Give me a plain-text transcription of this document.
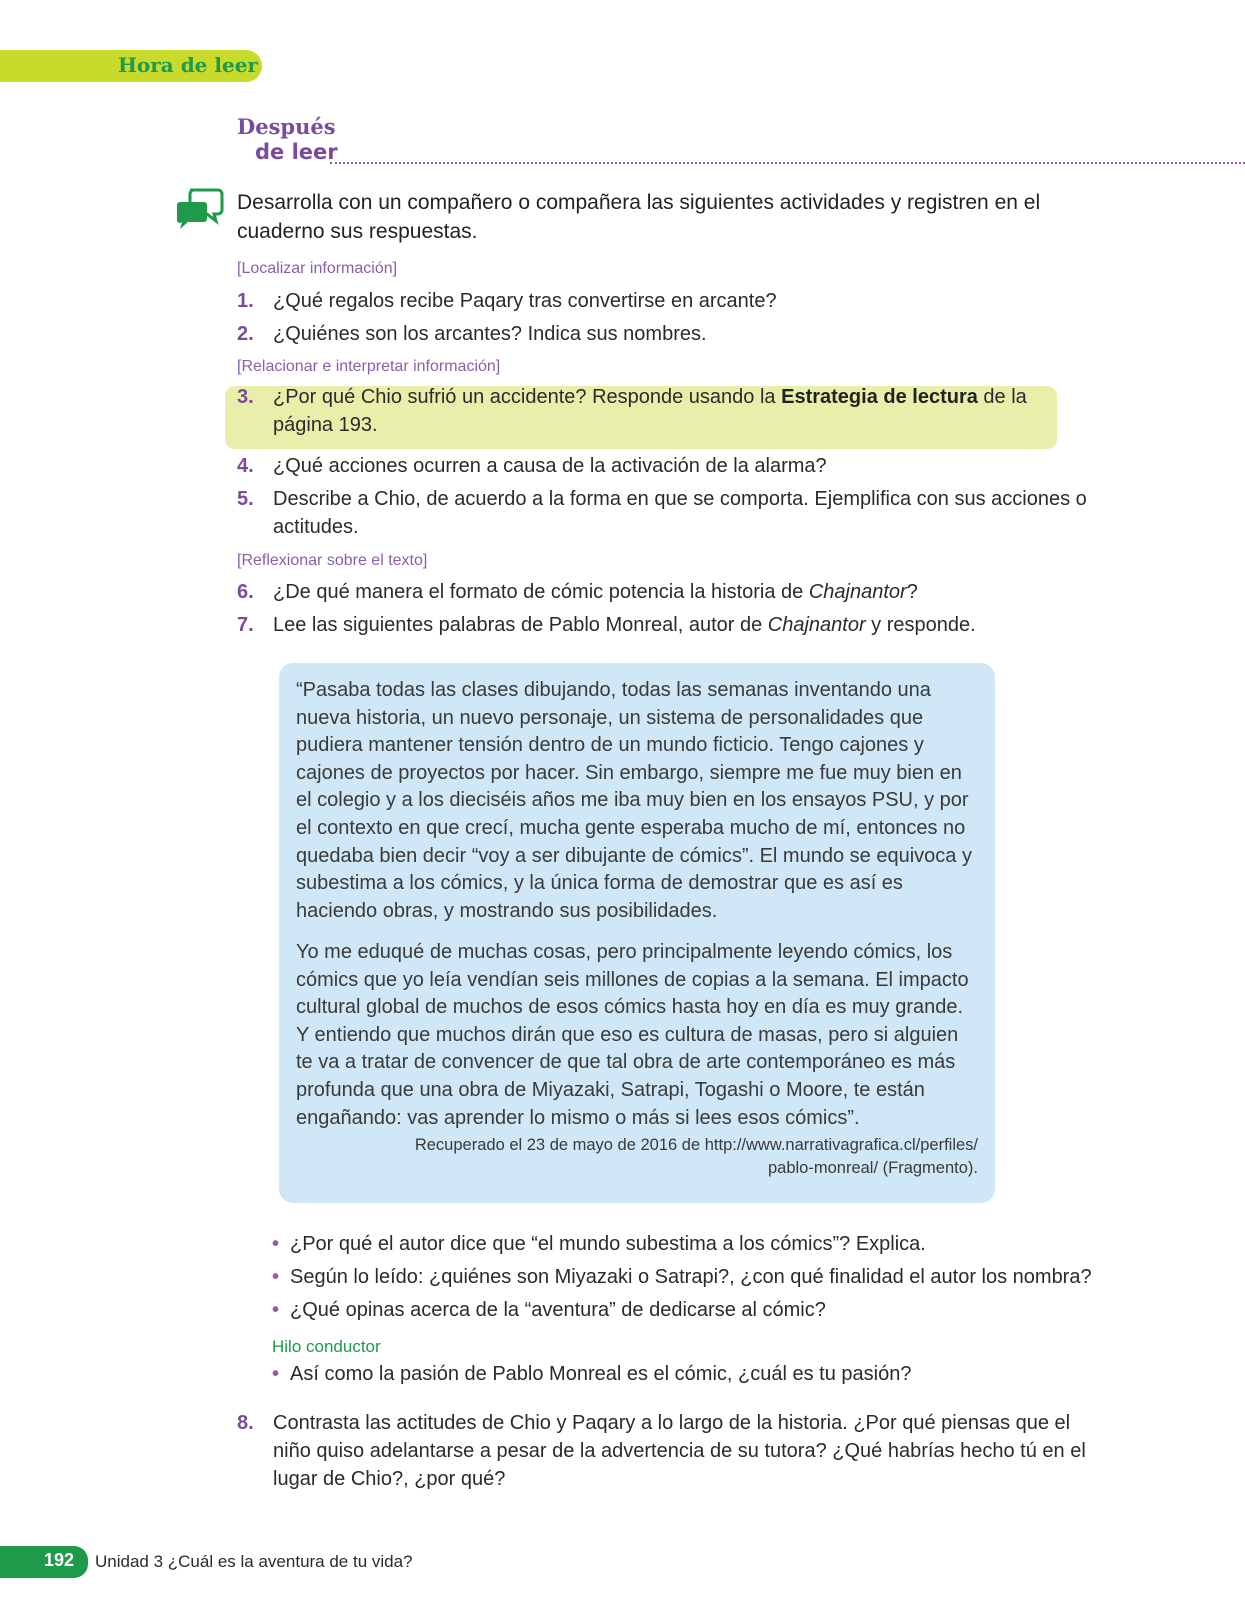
Hora de leer
Después
de leer
Desarrolla con un compañero o compañera las siguientes actividades y registren en el cuaderno sus respuestas.
[Localizar información]
1. ¿Qué regalos recibe Paqary tras convertirse en arcante?
2. ¿Quiénes son los arcantes? Indica sus nombres.
[Relacionar e interpretar información]
3. ¿Por qué Chio sufrió un accidente? Responde usando la Estrategia de lectura de la página 193.
4. ¿Qué acciones ocurren a causa de la activación de la alarma?
5. Describe a Chio, de acuerdo a la forma en que se comporta. Ejemplifica con sus acciones o actitudes.
[Reflexionar sobre el texto]
6. ¿De qué manera el formato de cómic potencia la historia de Chajnantor?
7. Lee las siguientes palabras de Pablo Monreal, autor de Chajnantor y responde.
“Pasaba todas las clases dibujando, todas las semanas inventando una nueva historia, un nuevo personaje, un sistema de personalidades que pudiera mantener tensión dentro de un mundo ficticio. Tengo cajones y cajones de proyectos por hacer. Sin embargo, siempre me fue muy bien en el colegio y a los dieciséis años me iba muy bien en los ensayos PSU, y por el contexto en que crecí, mucha gente esperaba mucho de mí, entonces no quedaba bien decir “voy a ser dibujante de cómics”. El mundo se equivoca y subestima a los cómics, y la única forma de demostrar que es así es haciendo obras, y mostrando sus posibilidades.
Yo me eduqué de muchas cosas, pero principalmente leyendo cómics, los cómics que yo leía vendían seis millones de copias a la semana. El impacto cultural global de muchos de esos cómics hasta hoy en día es muy grande. Y entiendo que muchos dirán que eso es cultura de masas, pero si alguien te va a tratar de convencer de que tal obra de arte contemporáneo es más profunda que una obra de Miyazaki, Satrapi, Togashi o Moore, te están engañando: vas aprender lo mismo o más si lees esos cómics”.
Recuperado el 23 de mayo de 2016 de http://www.narrativagrafica.cl/perfiles/
pablo-monreal/ (Fragmento).
• ¿Por qué el autor dice que “el mundo subestima a los cómics”? Explica.
• Según lo leído: ¿quiénes son Miyazaki o Satrapi?, ¿con qué finalidad el autor los nombra?
• ¿Qué opinas acerca de la “aventura” de dedicarse al cómic?
Hilo conductor
• Así como la pasión de Pablo Monreal es el cómic, ¿cuál es tu pasión?
8. Contrasta las actitudes de Chio y Paqary a lo largo de la historia. ¿Por qué piensas que el niño quiso adelantarse a pesar de la advertencia de su tutora? ¿Qué habrías hecho tú en el lugar de Chio?, ¿por qué?
192 Unidad 3 ¿Cuál es la aventura de tu vida?
